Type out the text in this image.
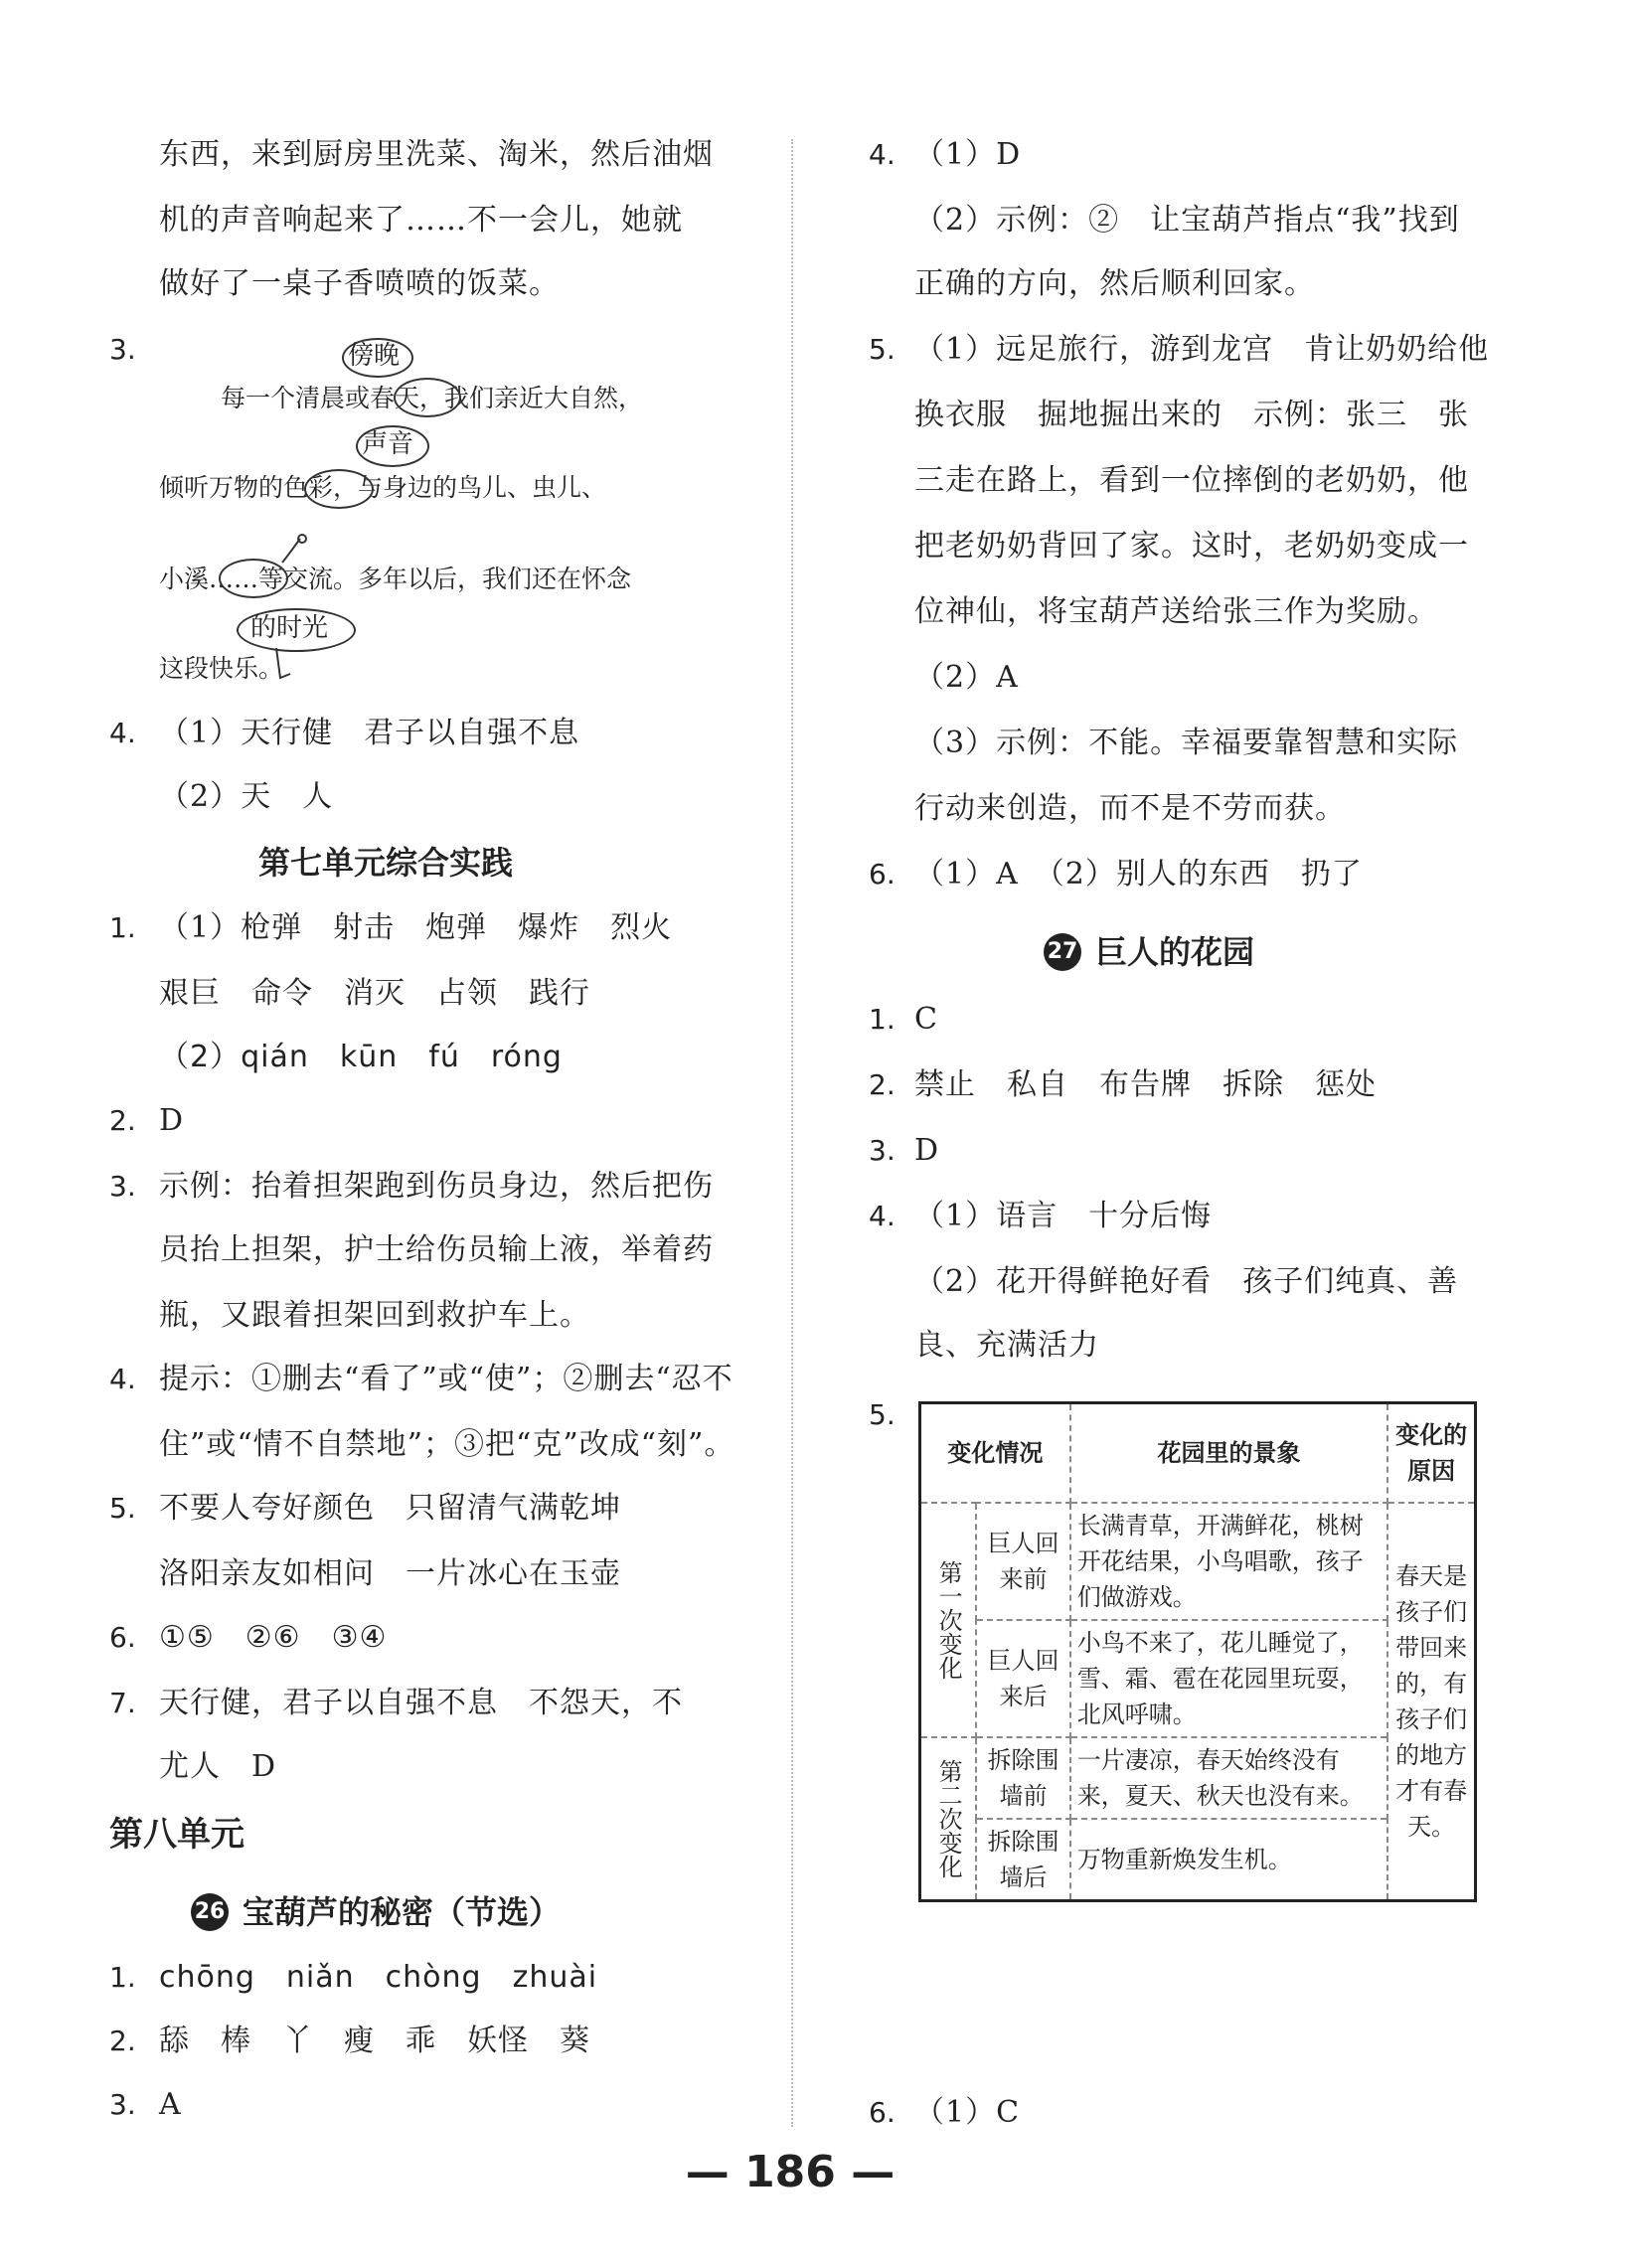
东西，来到厨房里洗菜、淘米，然后油烟
机的声音响起来了……不一会儿，她就
做好了一桌子香喷喷的饭菜。
3.	傍晚
每一个清晨或春天，我们亲近大自然，
声音
倾听万物的色彩，与身边的鸟儿、虫儿、
小溪……等交流。多年以后，我们还在怀念
的时光
这段快乐。
4. （1）天行健　君子以自强不息
（2）天　人
第七单元综合实践
1. （1）枪弹　射击　炮弹　爆炸　烈火
艰巨　命令　消灭　占领　践行
（2）qián　kūn　fú　róng
2. D
3. 示例：抬着担架跑到伤员身边，然后把伤
员抬上担架，护士给伤员输上液，举着药
瓶，又跟着担架回到救护车上。
4. 提示：①删去“看了”或“使”；②删去“忍不
住”或“情不自禁地”；③把“克”改成“刻”。
5. 不要人夸好颜色　只留清气满乾坤
洛阳亲友如相问　一片冰心在玉壶
6. ①⑤　②⑥　③④
7. 天行健，君子以自强不息　不怨天，不
尤人　D
第八单元
26 宝葫芦的秘密（节选）
1. chōng　niǎn　chòng　zhuài
2. 舔　棒　丫　瘦　乖　妖怪　葵
3. A
4. （1）D
（2）示例：②　让宝葫芦指点“我”找到
正确的方向，然后顺利回家。
5. （1）远足旅行，游到龙宫　肯让奶奶给他
换衣服　掘地掘出来的　示例：张三　张
三走在路上，看到一位摔倒的老奶奶，他
把老奶奶背回了家。这时，老奶奶变成一
位神仙，将宝葫芦送给张三作为奖励。
（2）A
（3）示例：不能。幸福要靠智慧和实际
行动来创造，而不是不劳而获。
6. （1）A　（2）别人的东西　扔了
27 巨人的花园
1. C
2. 禁止　私自　布告牌　拆除　惩处
3. D
4. （1）语言　十分后悔
（2）花开得鲜艳好看　孩子们纯真、善
良、充满活力
5.
6. （1）C
变化情况		花园里的景象	变化的原因
第一次变化	巨人回来前	长满青草，开满鲜花，桃树开花结果，小鸟唱歌，孩子们做游戏。	春天是孩子们带回来的，有孩子们的地方才有春天。
	巨人回来后	小鸟不来了，花儿睡觉了，雪、霜、雹在花园里玩耍，北风呼啸。	
第二次变化	拆除围墙前	一片凄凉，春天始终没有来，夏天、秋天也没有来。	
	拆除围墙后	万物重新焕发生机。	
— 186 —
